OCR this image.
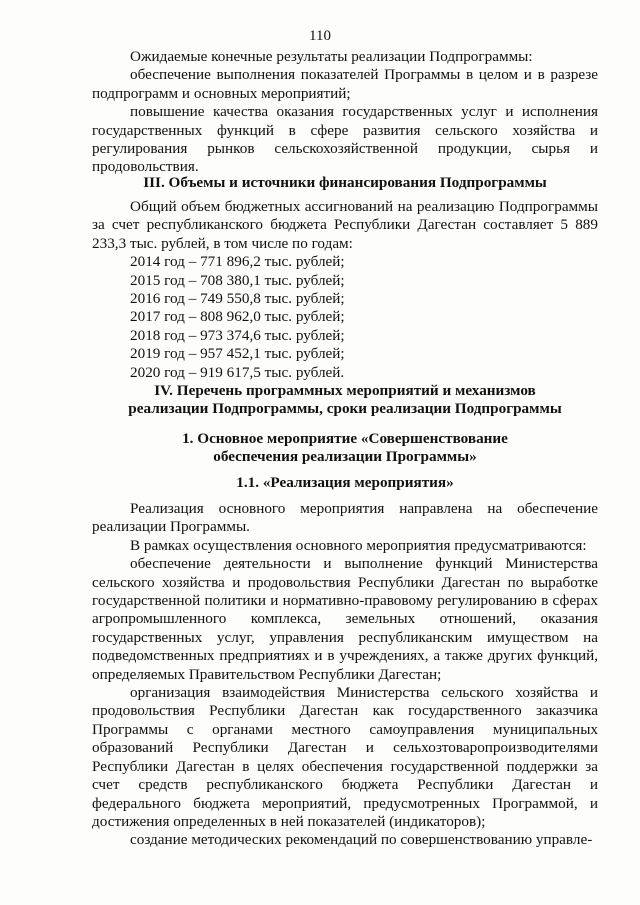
110

Ожидаемые конечные результаты реализации Подпрограммы:

обеспечение выполнения показателей Программы в целом и в разрезе подпрограмм и основных мероприятий;

повышение качества оказания государственных услуг и исполнения государственных функций в сфере развития сельского хозяйства и регулирования рынков сельскохозяйственной продукции, сырья и продовольствия.

III. Объемы и источники финансирования Подпрограммы

Общий объем бюджетных ассигнований на реализацию Подпрограммы за счет республиканского бюджета Республики Дагестан составляет 5 889 233,3 тыс. рублей, в том числе по годам:

2014 год – 771 896,2 тыс. рублей;

2015 год – 708 380,1 тыс. рублей;

2016 год – 749 550,8 тыс. рублей;

2017 год – 808 962,0 тыс. рублей;

2018 год – 973 374,6 тыс. рублей;

2019 год – 957 452,1 тыс. рублей;

2020 год – 919 617,5 тыс. рублей.

IV. Перечень программных мероприятий и механизмов

реализации Подпрограммы, сроки реализации Подпрограммы

1. Основное мероприятие «Совершенствование

обеспечения реализации Программы»

1.1. «Реализация мероприятия»

Реализация основного мероприятия направлена на обеспечение реализации Программы.

В рамках осуществления основного мероприятия предусматриваются:

обеспечение деятельности и выполнение функций Министерства сельского хозяйства и продовольствия Республики Дагестан по выработке государственной политики и нормативно-правовому регулированию в сферах агропромышленного комплекса, земельных отношений, оказания государственных услуг, управления республиканским имуществом на подведомственных предприятиях и в учреждениях, а также других функций, определяемых Правительством Республики Дагестан;

организация взаимодействия Министерства сельского хозяйства и продовольствия Республики Дагестан как государственного заказчика Программы с органами местного самоуправления муниципальных образований Республики Дагестан и сельхозтоваропроизводителями Республики Дагестан в целях обеспечения государственной поддержки за счет средств республиканского бюджета Республики Дагестан и федерального бюджета мероприятий, предусмотренных Программой, и достижения определенных в ней показателей (индикаторов);

создание методических рекомендаций по совершенствованию управле-
